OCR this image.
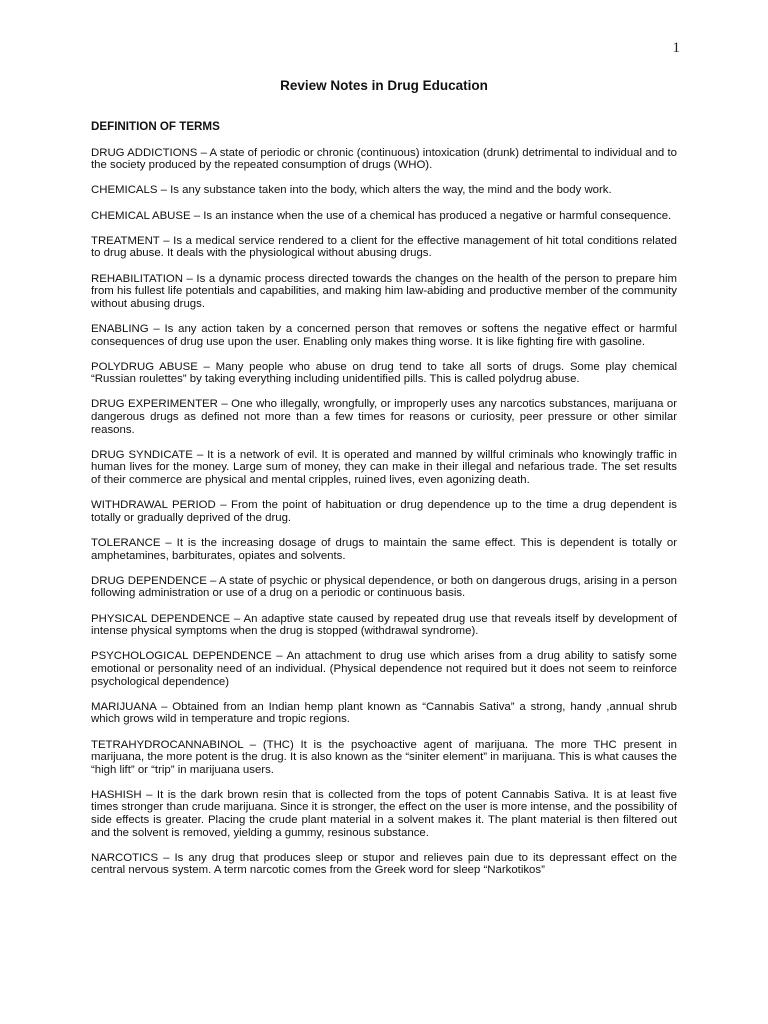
1
Review Notes in Drug Education
DEFINITION OF TERMS

DRUG ADDICTIONS – A state of periodic or chronic (continuous) intoxication (drunk) detrimental to individual and to the society produced by the repeated consumption of drugs (WHO).

CHEMICALS – Is any substance taken into the body, which alters the way, the mind and the body work.

CHEMICAL ABUSE – Is an instance when the use of a chemical has produced a negative or harmful consequence.

TREATMENT – Is a medical service rendered to a client for the effective management of hit total conditions related to drug abuse. It deals with the physiological without abusing drugs.

REHABILITATION – Is a dynamic process directed towards the changes on the health of the person to prepare him from his fullest life potentials and capabilities, and making him law-abiding and productive member of the community without abusing drugs.

ENABLING – Is any action taken by a concerned person that removes or softens the negative effect or harmful consequences of drug use upon the user. Enabling only makes thing worse. It is like fighting fire with gasoline.

POLYDRUG ABUSE – Many people who abuse on drug tend to take all sorts of drugs. Some play chemical “Russian roulettes” by taking everything including unidentified pills. This is called polydrug abuse.

DRUG EXPERIMENTER – One who illegally, wrongfully, or improperly uses any narcotics substances, marijuana or dangerous drugs as defined not more than a few times for reasons or curiosity, peer pressure or other similar reasons.

DRUG SYNDICATE – It is a network of evil. It is operated and manned by willful criminals who knowingly traffic in human lives for the money. Large sum of money, they can make in their illegal and nefarious trade. The set results of their commerce are physical and mental cripples, ruined lives, even agonizing death.

WITHDRAWAL PERIOD – From the point of habituation or drug dependence up to the time a drug dependent is totally or gradually deprived of the drug.

TOLERANCE – It is the increasing dosage of drugs to maintain the same effect. This is dependent is totally or amphetamines, barbiturates, opiates and solvents.

DRUG DEPENDENCE – A state of psychic or physical dependence, or both on dangerous drugs, arising in a person following administration or use of a drug on a periodic or continuous basis.

PHYSICAL DEPENDENCE – An adaptive state caused by repeated drug use that reveals itself by development of intense physical symptoms when the drug is stopped (withdrawal syndrome).

PSYCHOLOGICAL DEPENDENCE – An attachment to drug use which arises from a drug ability to satisfy some emotional or personality need of an individual. (Physical dependence not required but it does not seem to reinforce psychological dependence)

MARIJUANA – Obtained from an Indian hemp plant known as “Cannabis Sativa” a strong, handy ,annual shrub which grows wild in temperature and tropic regions.

TETRAHYDROCANNABINOL – (THC) It is the psychoactive agent of marijuana. The more THC present in marijuana, the more potent is the drug. It is also known as the “siniter element” in marijuana. This is what causes the “high lift” or “trip” in marijuana users.

HASHISH – It is the dark brown resin that is collected from the tops of potent Cannabis Sativa. It is at least five times stronger than crude marijuana. Since it is stronger, the effect on the user is more intense, and the possibility of side effects is greater. Placing the crude plant material in a solvent makes it. The plant material is then filtered out and the solvent is removed, yielding a gummy, resinous substance.

NARCOTICS – Is any drug that produces sleep or stupor and relieves pain due to its depressant effect on the central nervous system. A term narcotic comes from the Greek word for sleep “Narkotikos”
